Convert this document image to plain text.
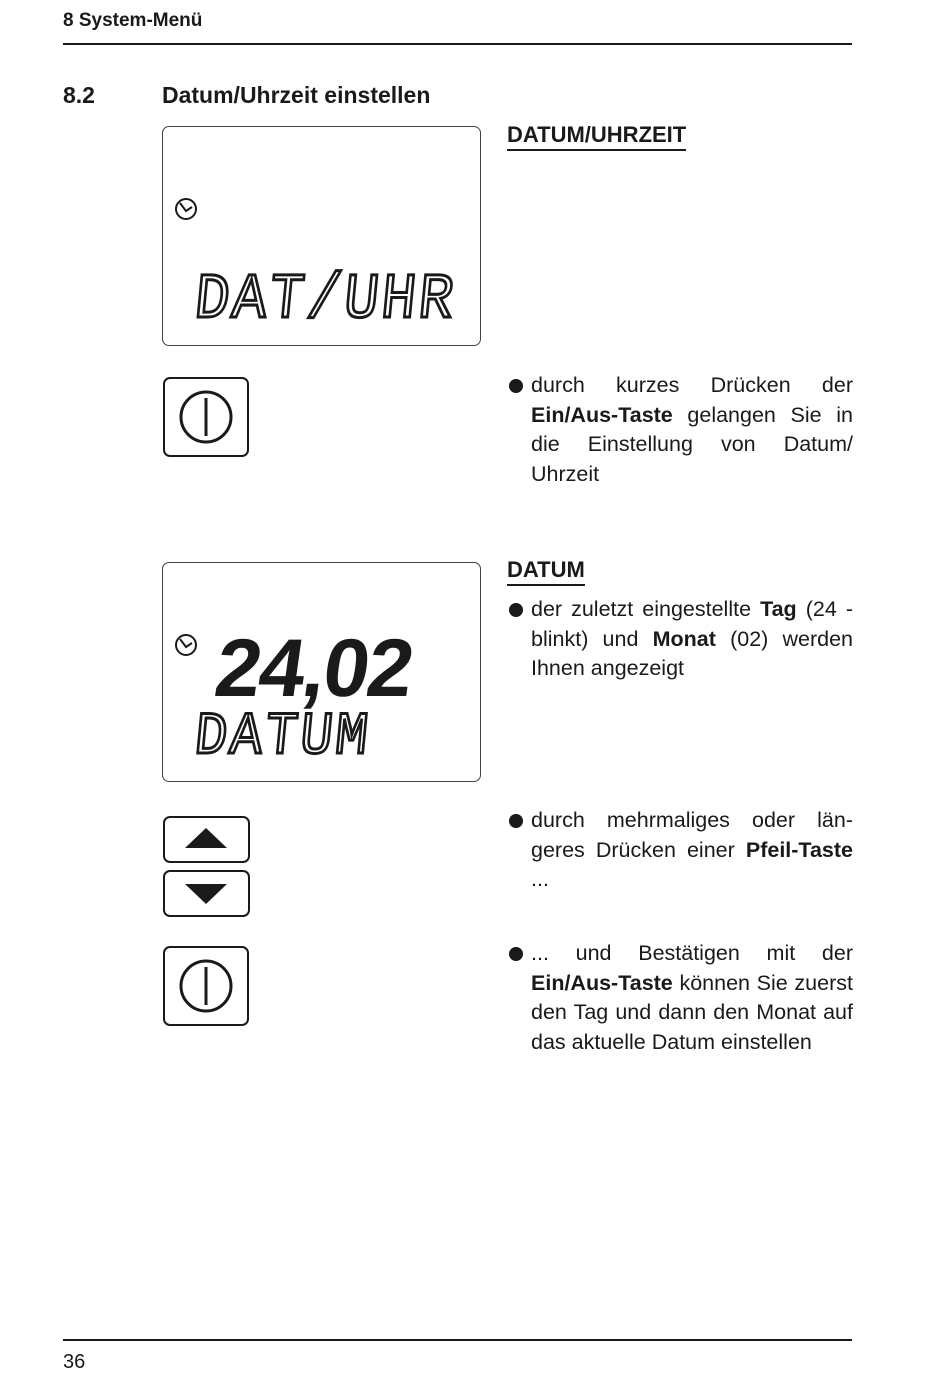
8 System-Menü
8.2	Datum/Uhrzeit einstellen
DAT/UHR
24,02
DATUM
DATUM/UHRZEIT
durch kurzes Drücken der Ein/Aus-Taste gelangen Sie in die Einstellung von Datum/ Uhrzeit
DATUM
der zuletzt eingestellte Tag (24 - blinkt) und Monat (02) werden Ihnen angezeigt
durch mehrmaliges oder län geres Drücken einer Pfeil-Taste ...
... und Bestätigen mit der Ein/Aus-Taste können Sie zuerst den Tag und dann den Monat auf das aktuelle Datum einstellen
36
